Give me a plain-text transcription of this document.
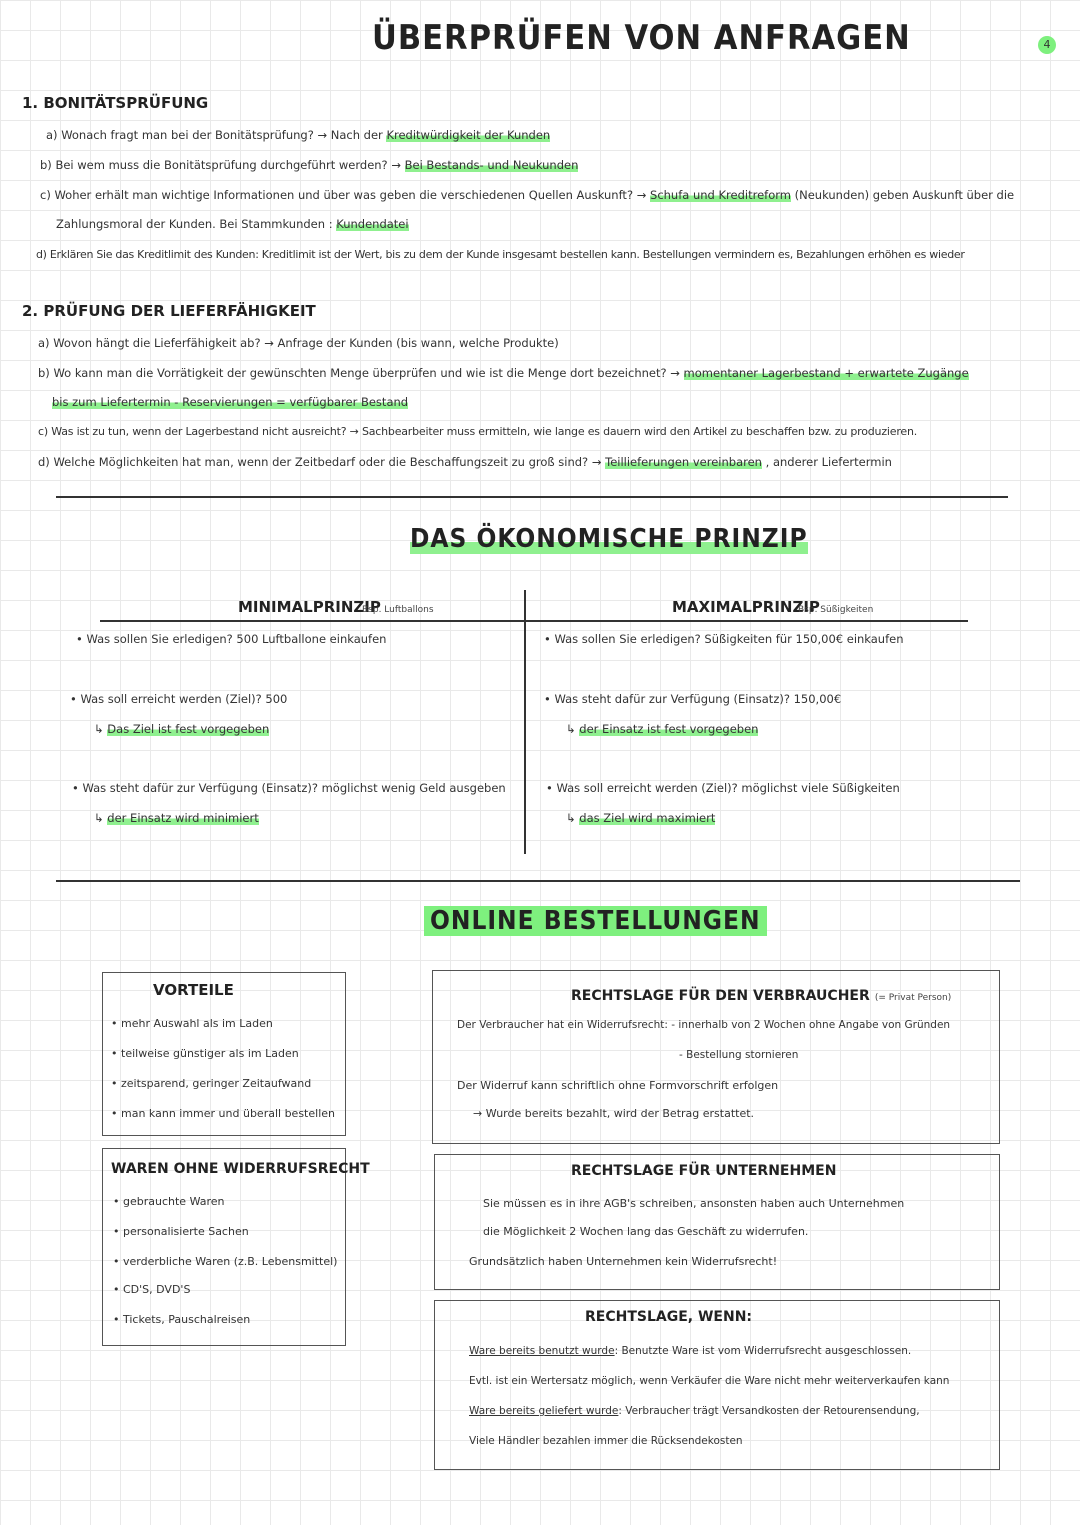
4
ÜBERPRÜFEN VON ANFRAGEN
1. BONITÄTSPRÜFUNG
a) Wonach fragt man bei der Bonitätsprüfung? → Nach der Kreditwürdigkeit der Kunden
b) Bei wem muss die Bonitätsprüfung durchgeführt werden? → Bei Bestands- und Neukunden
c) Woher erhält man wichtige Informationen und über was geben die verschiedenen Quellen Auskunft? → Schufa und Kreditreform (Neukunden) geben Auskunft über die
Zahlungsmoral der Kunden. Bei Stammkunden : Kundendatei
d) Erklären Sie das Kreditlimit des Kunden: Kreditlimit ist der Wert, bis zu dem der Kunde insgesamt bestellen kann. Bestellungen vermindern es, Bezahlungen erhöhen es wieder
2. PRÜFUNG DER LIEFERFÄHIGKEIT
a) Wovon hängt die Lieferfähigkeit ab? → Anfrage der Kunden (bis wann, welche Produkte)
b) Wo kann man die Vorrätigkeit der gewünschten Menge überprüfen und wie ist die Menge dort bezeichnet? → momentaner Lagerbestand + erwartete Zugänge
bis zum Liefertermin - Reservierungen = verfügbarer Bestand
c) Was ist zu tun, wenn der Lagerbestand nicht ausreicht? → Sachbearbeiter muss ermitteln, wie lange es dauern wird den Artikel zu beschaffen bzw. zu produzieren.
d) Welche Möglichkeiten hat man, wenn der Zeitbedarf oder die Beschaffungszeit zu groß sind? → Teillieferungen vereinbaren , anderer Liefertermin
DAS ÖKONOMISCHE PRINZIP
MINIMALPRINZIP
Bsp. Luftballons
• Was sollen Sie erledigen? 500 Luftballone einkaufen
• Was soll erreicht werden (Ziel)? 500
↳ Das Ziel ist fest vorgegeben
• Was steht dafür zur Verfügung (Einsatz)? möglichst wenig Geld ausgeben
↳ der Einsatz wird minimiert
MAXIMALPRINZIP
Bsp. Süßigkeiten
• Was sollen Sie erledigen? Süßigkeiten für 150,00€ einkaufen
• Was steht dafür zur Verfügung (Einsatz)? 150,00€
↳ der Einsatz ist fest vorgegeben
• Was soll erreicht werden (Ziel)? möglichst viele Süßigkeiten
↳ das Ziel wird maximiert
ONLINE BESTELLUNGEN
VORTEILE
• mehr Auswahl als im Laden
• teilweise günstiger als im Laden
• zeitsparend, geringer Zeitaufwand
• man kann immer und überall bestellen
WAREN OHNE WIDERRUFSRECHT
• gebrauchte Waren
• personalisierte Sachen
• verderbliche Waren (z.B. Lebensmittel)
• CD'S, DVD'S
• Tickets, Pauschalreisen
RECHTSLAGE FÜR DEN VERBRAUCHER (= Privat Person)
Der Verbraucher hat ein Widerrufsrecht: - innerhalb von 2 Wochen ohne Angabe von Gründen
- Bestellung stornieren
Der Widerruf kann schriftlich ohne Formvorschrift erfolgen
→ Wurde bereits bezahlt, wird der Betrag erstattet.
RECHTSLAGE FÜR UNTERNEHMEN
Sie müssen es in ihre AGB's schreiben, ansonsten haben auch Unternehmen
die Möglichkeit 2 Wochen lang das Geschäft zu widerrufen.
Grundsätzlich haben Unternehmen kein Widerrufsrecht!
RECHTSLAGE, WENN:
Ware bereits benutzt wurde: Benutzte Ware ist vom Widerrufsrecht ausgeschlossen.
Evtl. ist ein Wertersatz möglich, wenn Verkäufer die Ware nicht mehr weiterverkaufen kann
Ware bereits geliefert wurde: Verbraucher trägt Versandkosten der Retourensendung,
Viele Händler bezahlen immer die Rücksendekosten
